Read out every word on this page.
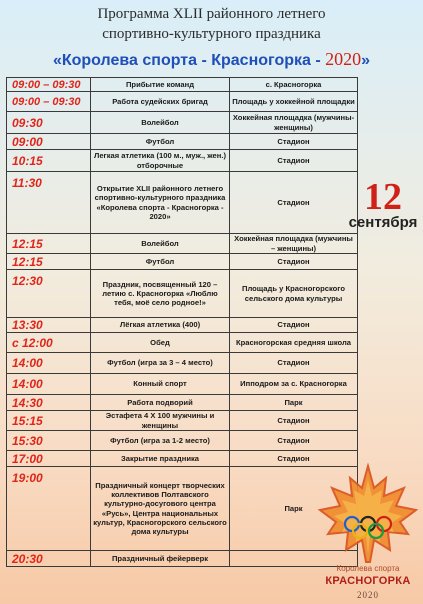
Программа XLII районного летнего
спортивно-культурного праздника
«Королева спорта - Красногорка - 2020»
09:00 – 09:30	Прибытие команд	с. Красногорка
09:00 – 09:30	Работа судейских бригад	Площадь у хоккейной площадки
09:30	Волейбол	Хоккейная площадка (мужчины-женщины)
09:00	Футбол	Стадион
10:15	Легкая атлетика (100 м., муж., жен.) отборочные	Стадион
11:30	Открытие XLII районного летнего спортивно-культурного праздника «Королева спорта - Красногорка - 2020»	Стадион
12:15	Волейбол	Хоккейная площадка (мужчины – женщины)
12:15	Футбол	Стадион
12:30	Праздник, посвященный 120 – летию с. Красногорка «Люблю тебя, моё село родное!»	Площадь у Красногорского сельского дома культуры
13:30	Лёгкая атлетика (400)	Стадион
с 12:00	Обед	Красногорская средняя школа
14:00	Футбол (игра за 3 – 4 место)	Стадион
14:00	Конный спорт	Ипподром за с. Красногорка
14:30	Работа подворий	Парк
15:15	Эстафета 4 Х 100 мужчины и женщины	Стадион
15:30	Футбол (игра за 1-2 место)	Стадион
17:00	Закрытие праздника	Стадион
19:00	Праздничный концерт творческих коллективов Полтавского культурно-досугового центра «Русь», Центра национальных культур, Красногорского сельского дома культуры	Парк
20:30	Праздничный фейерверк	
12
сентября
Королева спорта
КРАСНОГОРКА
2020
